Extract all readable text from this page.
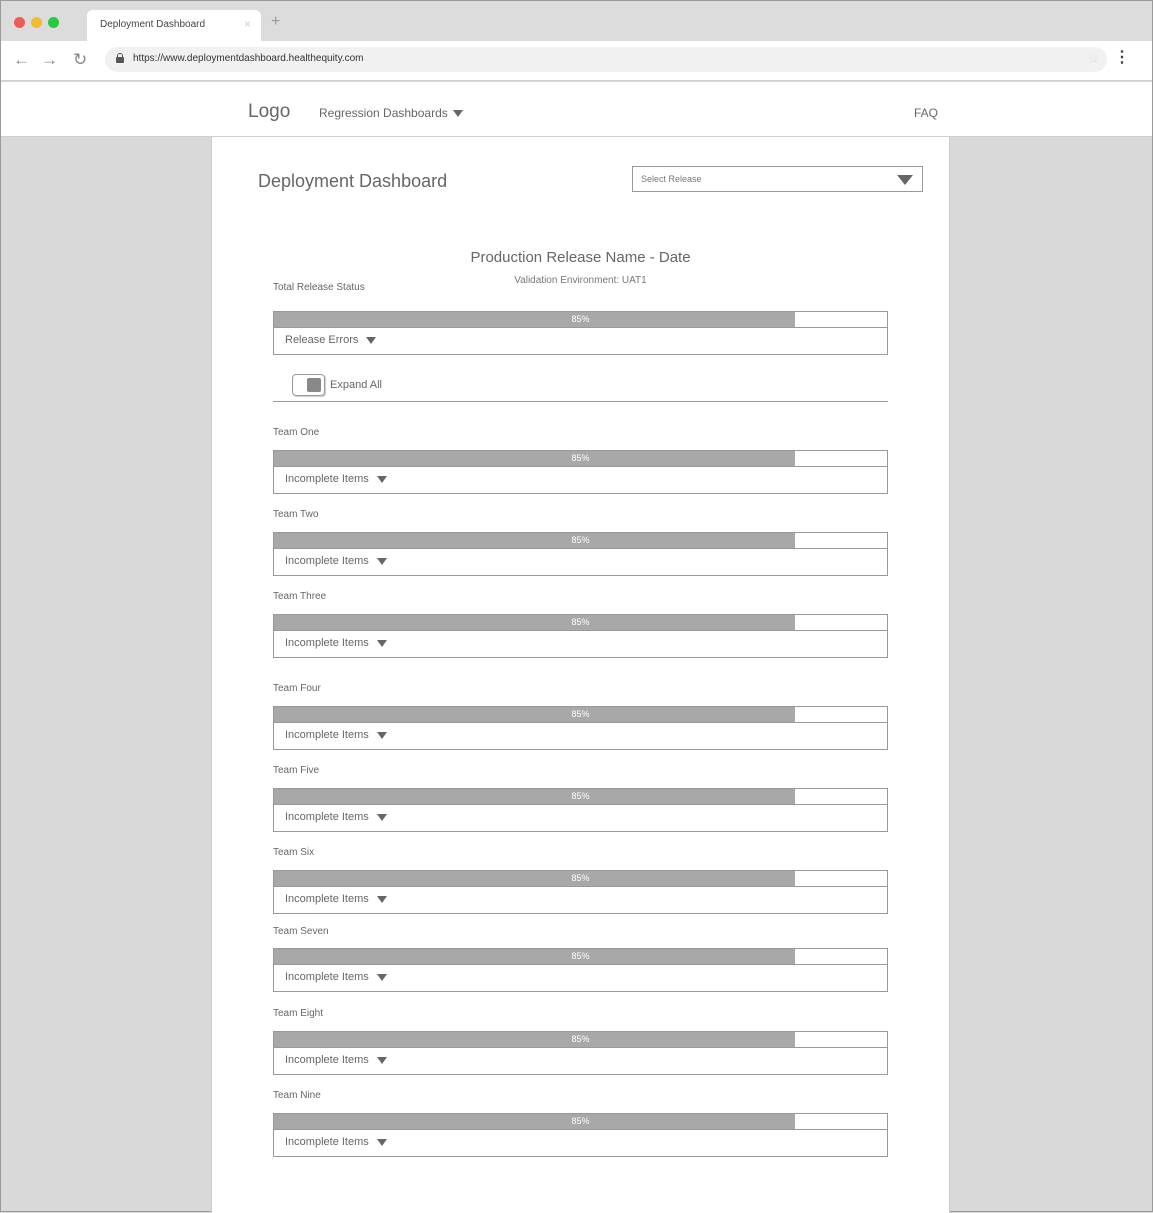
Deployment Dashboard	× +
← → ↻	https://www.deploymentdashboard.healthequity.com	☆ ⋮
Logo Regression Dashboards	FAQ
Deployment Dashboard	Select Release
Production Release Name - Date
Validation Environment: UAT1
Total Release Status
85%
Release Errors
Expand All
Team One
85%
Incomplete Items
Team Two
85%
Incomplete Items
Team Three
85%
Incomplete Items
Team Four
85%
Incomplete Items
Team Five
85%
Incomplete Items
Team Six
85%
Incomplete Items
Team Seven
85%
Incomplete Items
Team Eight
85%
Incomplete Items
Team Nine
85%
Incomplete Items
